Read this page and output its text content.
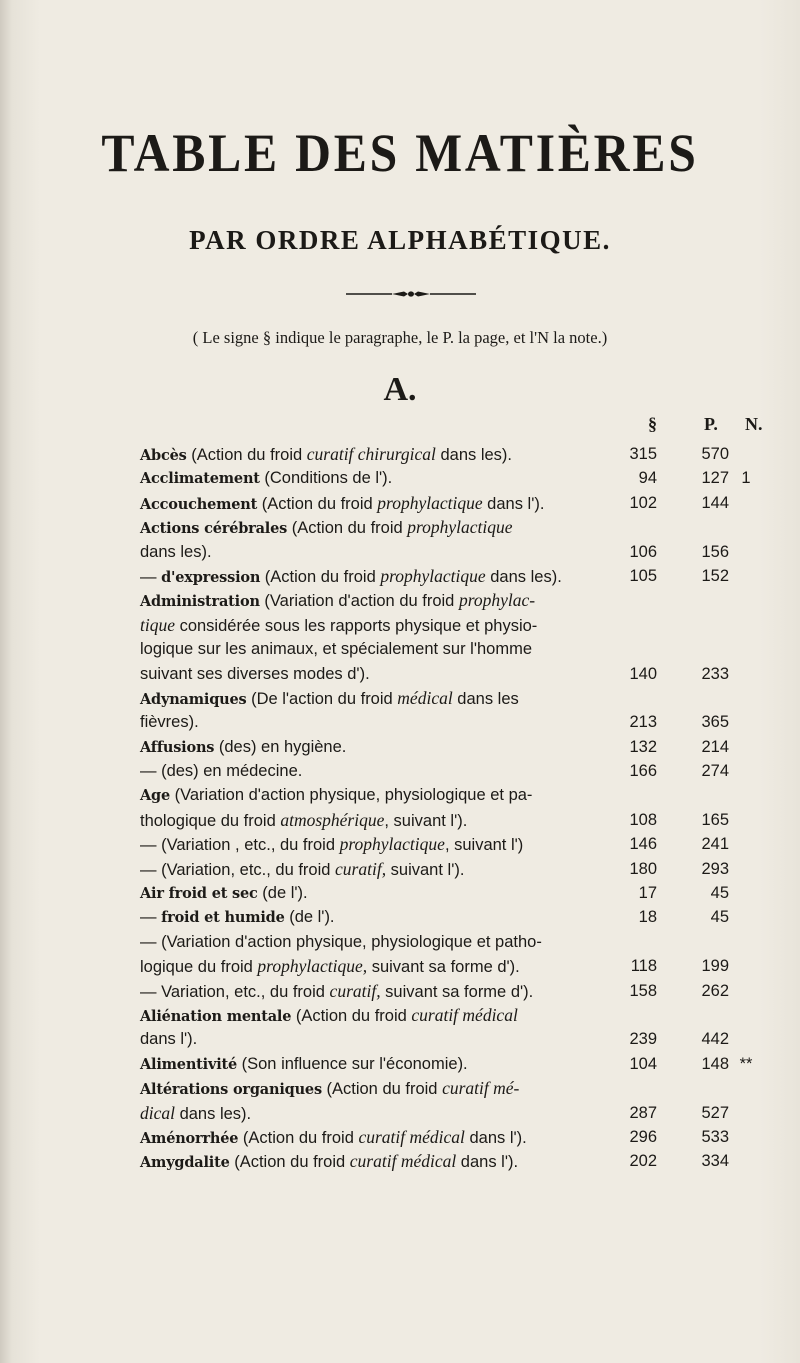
TABLE DES MATIÈRES
PAR ORDRE ALPHABÉTIQUE.
( Le signe § indique le paragraphe, le P. la page, et l'N la note.)
A.
§	P. N.
Abcès (Action du froid curatif chirurgical dans les).	315	570
Acclimatement (Conditions de l').	94	127 1
Accouchement (Action du froid prophylactique dans l').	102	144
Actions cérébrales (Action du froid prophylactique
dans les).	106	156
— d'expression (Action du froid prophylactique dans les).	105	152
Administration (Variation d'action du froid prophylac-
tique considérée sous les rapports physique et physio-
logique sur les animaux, et spécialement sur l'homme
suivant ses diverses modes d').	140	233
Adynamiques (De l'action du froid médical dans les
fièvres).	213	365
Affusions (des) en hygiène.	132	214
— (des) en médecine.	166	274
Age (Variation d'action physique, physiologique et pa-
thologique du froid atmosphérique, suivant l').	108	165
— (Variation , etc., du froid prophylactique, suivant l')	146	241
— (Variation, etc., du froid curatif, suivant l').	180	293
Air froid et sec (de l').	17	45
— froid et humide (de l').	18	45
— (Variation d'action physique, physiologique et patho-
logique du froid prophylactique, suivant sa forme d').	118	199
— Variation, etc., du froid curatif, suivant sa forme d').	158	262
Aliénation mentale (Action du froid curatif médical
dans l').	239	442
Alimentivité (Son influence sur l'économie).	104	148 **
Altérations organiques (Action du froid curatif mé-
dical dans les).	287	527
Aménorrhée (Action du froid curatif médical dans l').	296	533
Amygdalite (Action du froid curatif médical dans l').	202	334
